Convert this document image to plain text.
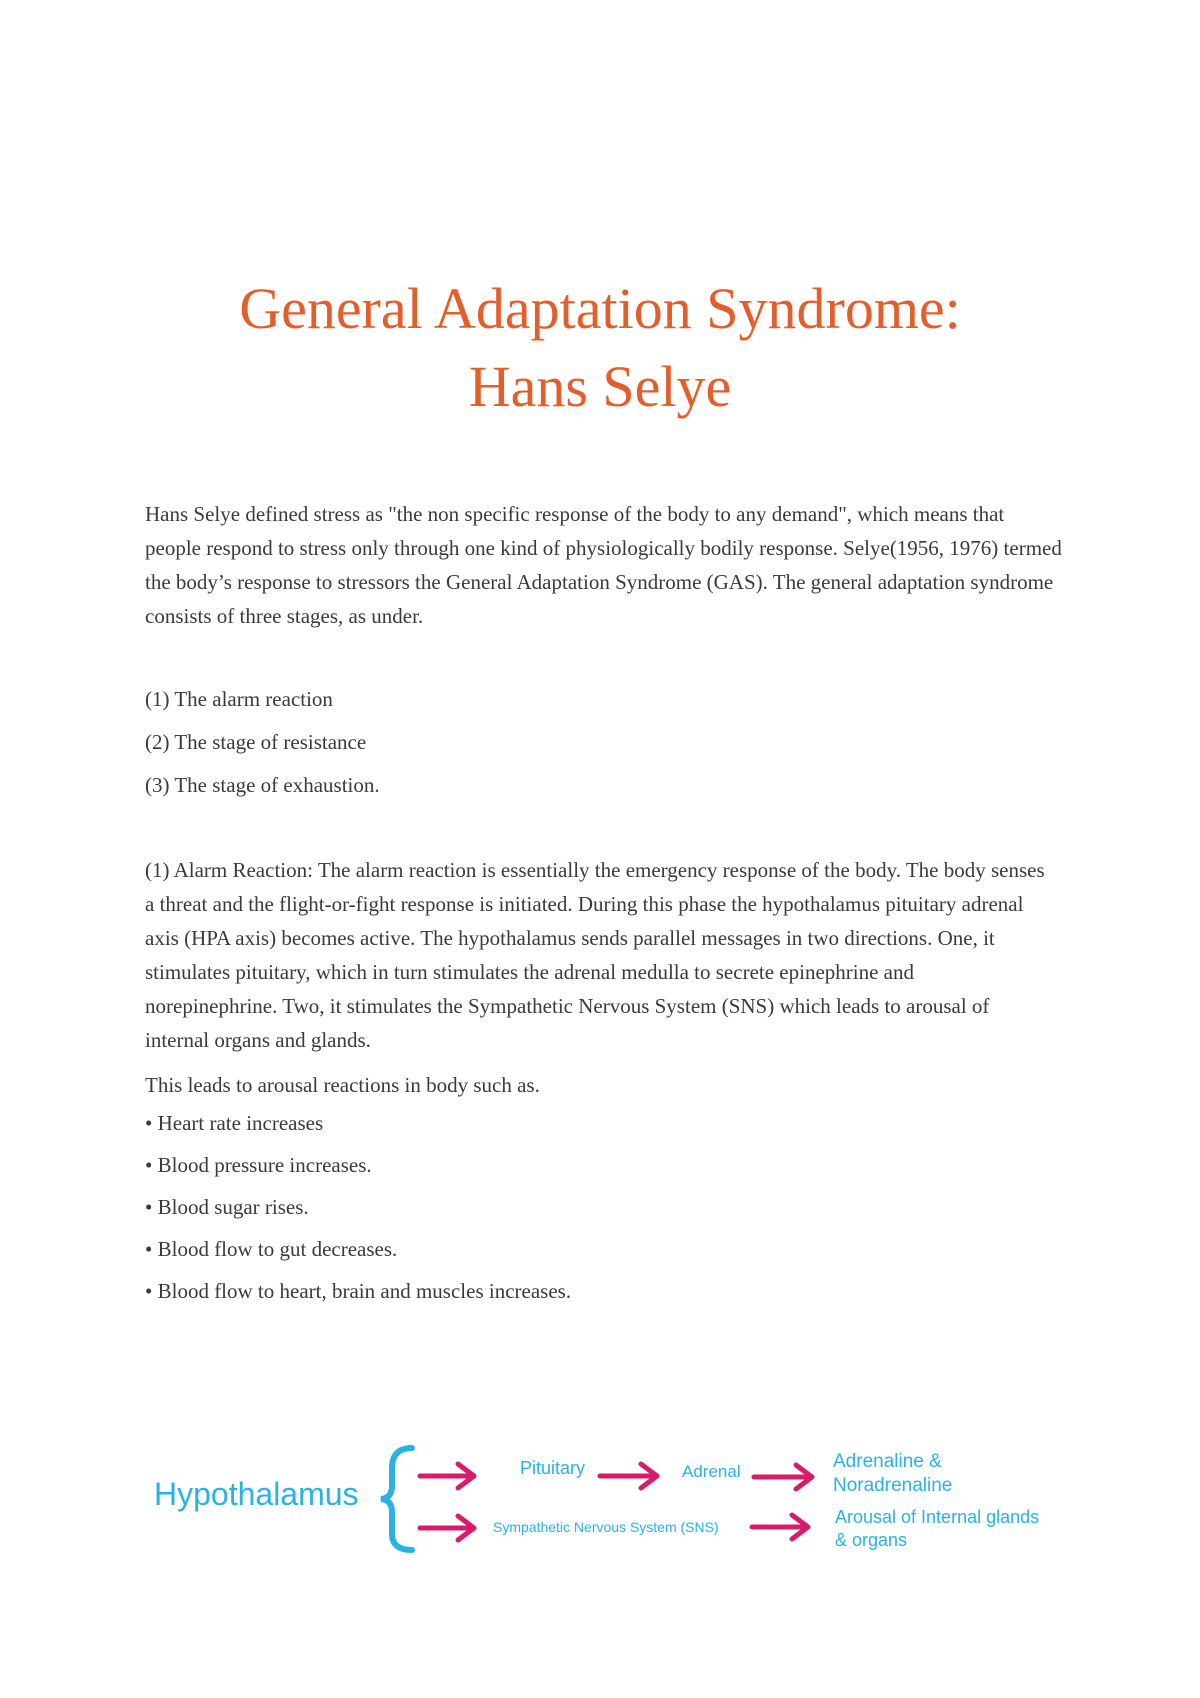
General Adaptation Syndrome:
Hans Selye

Hans Selye defined stress as "the non specific response of the body to any demand", which means that people respond to stress only through one kind of physiologically bodily response. Selye(1956, 1976) termed the body’s response to stressors the General Adaptation Syndrome (GAS). The general adaptation syndrome consists of three stages, as under.

(1) The alarm reaction
(2) The stage of resistance
(3) The stage of exhaustion.

(1) Alarm Reaction: The alarm reaction is essentially the emergency response of the body. The body senses a threat and the flight-or-fight response is initiated. During this phase the hypothalamus pituitary adrenal axis (HPA axis) becomes active. The hypothalamus sends parallel messages in two directions. One, it stimulates pituitary, which in turn stimulates the adrenal medulla to secrete epinephrine and norepinephrine. Two, it stimulates the Sympathetic Nervous System (SNS) which leads to arousal of internal organs and glands.

This leads to arousal reactions in body such as.

• Heart rate increases
• Blood pressure increases.
• Blood sugar rises.
• Blood flow to gut decreases.
• Blood flow to heart, brain and muscles increases.
Hypothalamus
Pituitary	Adrenal	Adrenaline &
Noradrenaline
Sympathetic Nervous System (SNS)	Arousal of Internal glands
& organs
